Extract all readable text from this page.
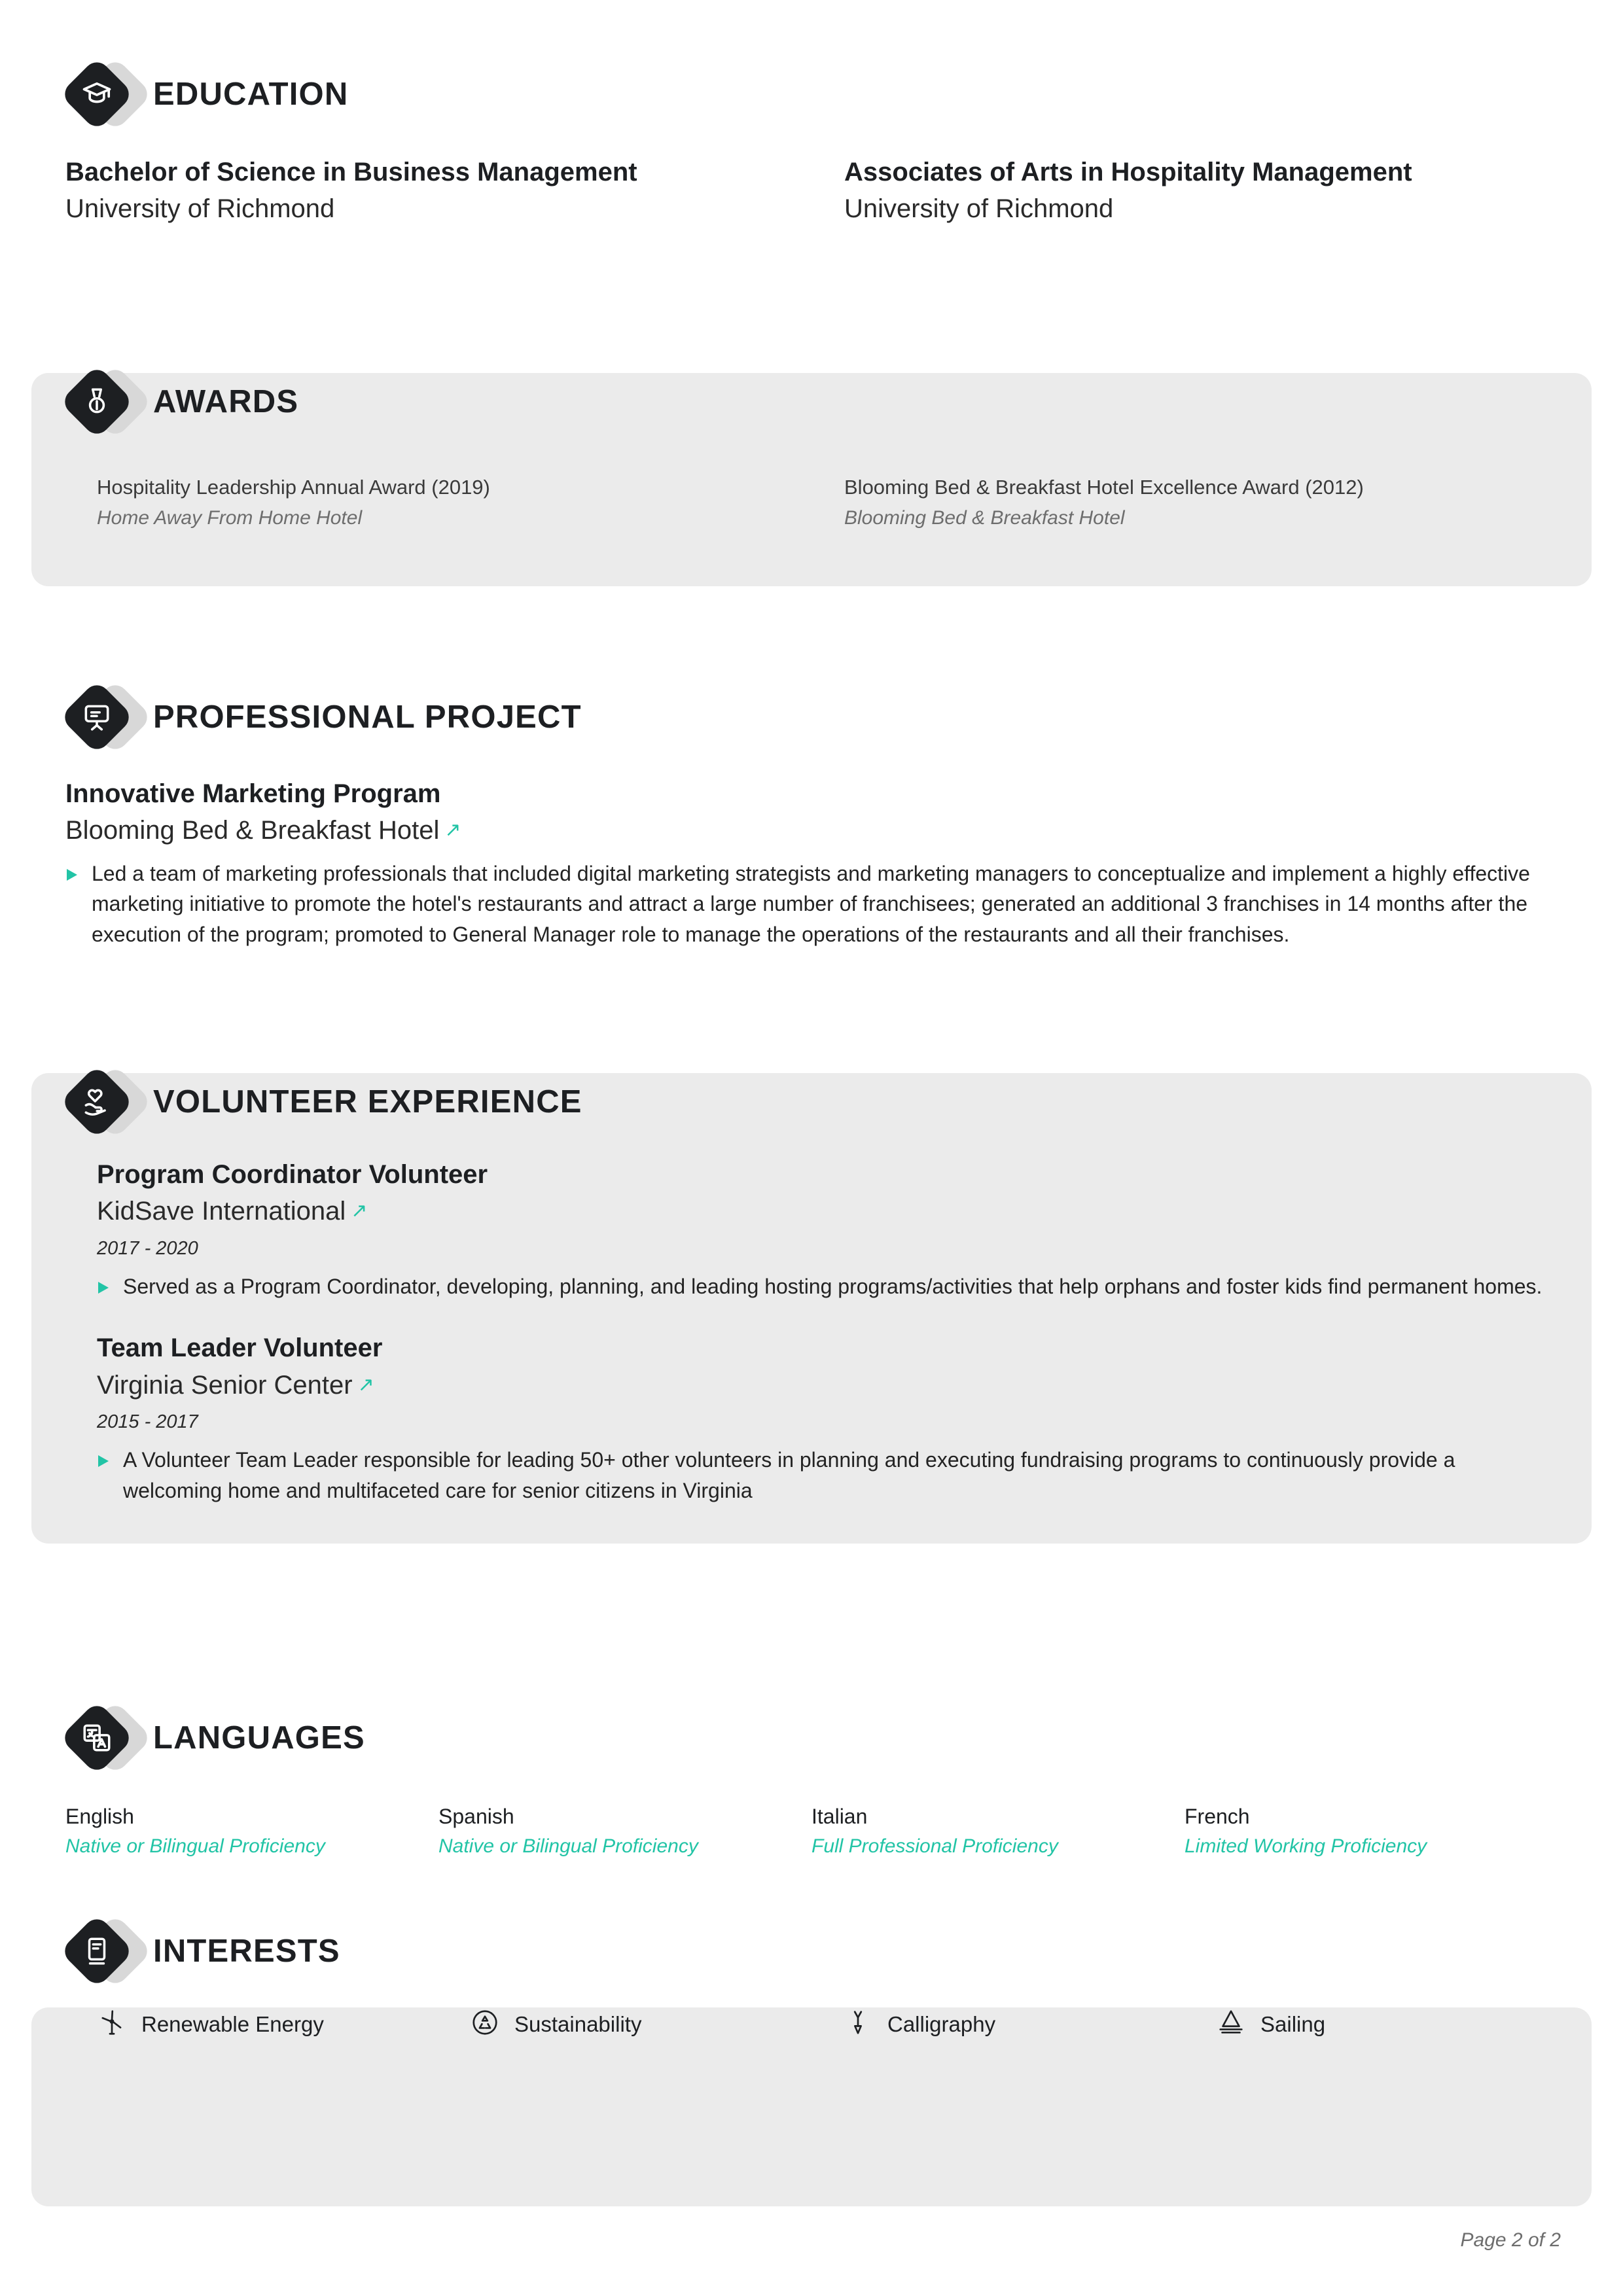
EDUCATION
Bachelor of Science in Business Management
University of Richmond
Associates of Arts in Hospitality Management
University of Richmond
Hospitality Leadership Annual Award (2019)
Home Away From Home Hotel
Blooming Bed & Breakfast Hotel Excellence Award (2012)
Blooming Bed & Breakfast Hotel
AWARDS
PROFESSIONAL PROJECT
Innovative Marketing Program
Blooming Bed & Breakfast Hotel ↗
Led a team of marketing professionals that included digital marketing strategists and marketing managers to conceptualize and implement a highly effective marketing initiative to promote the hotel's restaurants and attract a large number of franchisees; generated an additional 3 franchises in 14 months after the execution of the program; promoted to General Manager role to manage the operations of the restaurants and all their franchises.
Program Coordinator Volunteer
KidSave International ↗
2017 - 2020
Served as a Program Coordinator, developing, planning, and leading hosting programs/activities that help orphans and foster kids find permanent homes.
Team Leader Volunteer
Virginia Senior Center ↗
2015 - 2017
A Volunteer Team Leader responsible for leading 50+ other volunteers in planning and executing fundraising programs to continuously provide a welcoming home and multifaceted care for senior citizens in Virginia
VOLUNTEER EXPERIENCE
LANGUAGES
English
Native or Bilingual Proficiency
Spanish
Native or Bilingual Proficiency
Italian
Full Professional Proficiency
French
Limited Working Proficiency
Renewable Energy	Sustainability	Calligraphy	Sailing
INTERESTS
Page 2 of 2
